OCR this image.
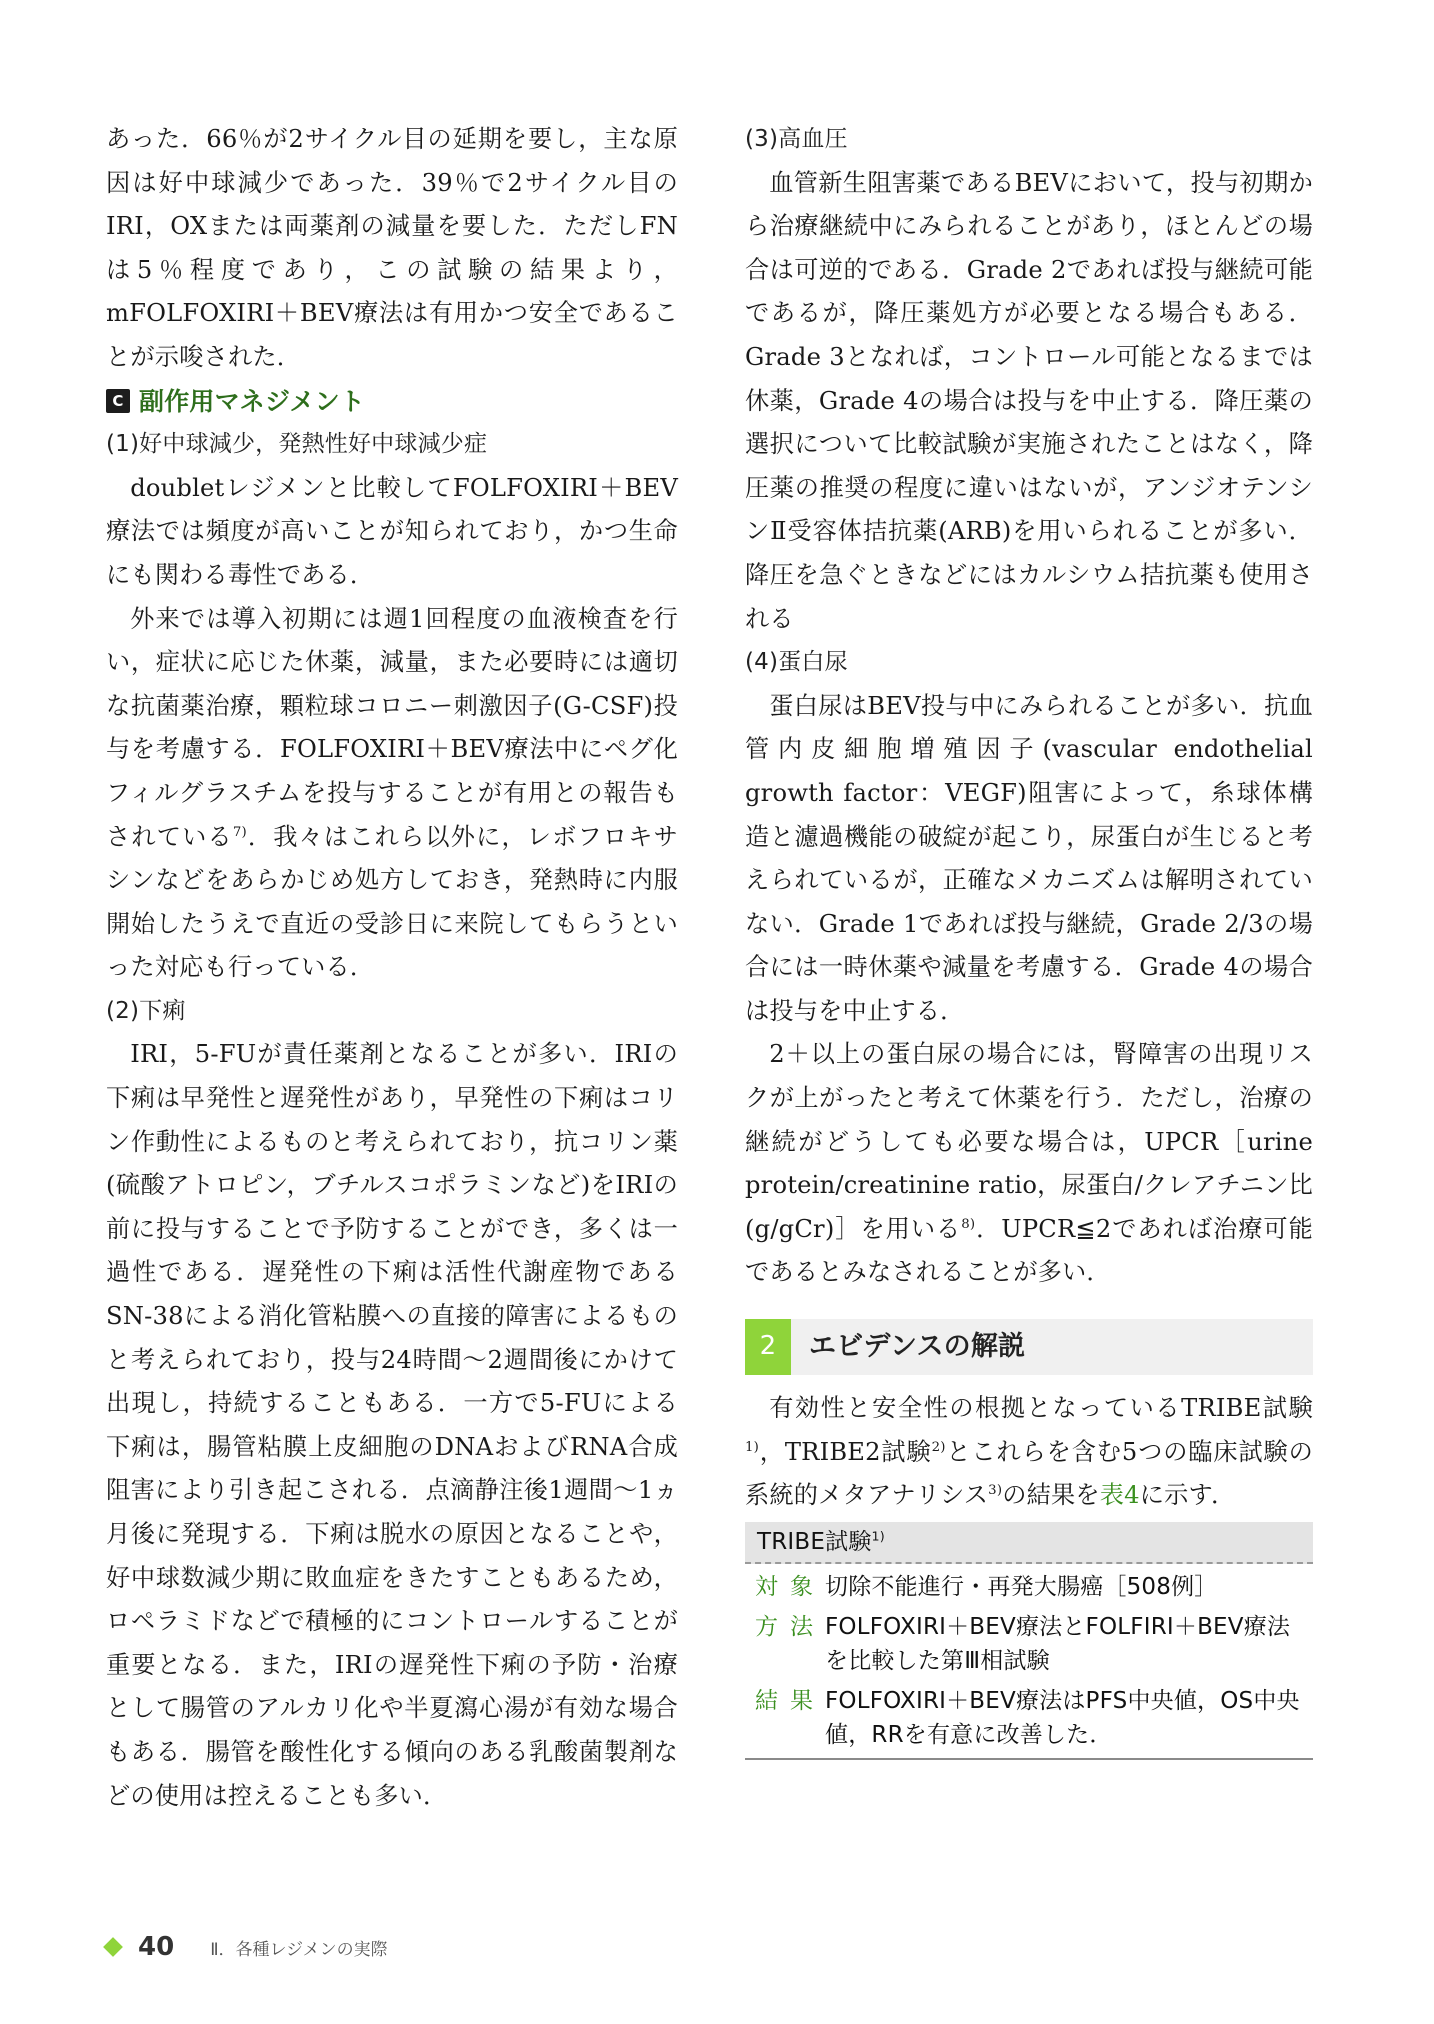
あった．66％が2サイクル目の延期を要し，主な原因は好中球減少であった．39％で2サイクル目のIRI，OXまたは両薬剤の減量を要した．ただしFNは5％程度であり，この試験の結果より，mFOLFOXIRI＋BEV療法は有用かつ安全であることが示唆された．

C 副作用マネジメント
(1)好中球減少，発熱性好中球減少症

doubletレジメンと比較してFOLFOXIRI＋BEV療法では頻度が高いことが知られており，かつ生命にも関わる毒性である．

外来では導入初期には週1回程度の血液検査を行い，症状に応じた休薬，減量，また必要時には適切な抗菌薬治療，顆粒球コロニー刺激因子(G-CSF)投与を考慮する．FOLFOXIRI＋BEV療法中にペグ化フィルグラスチムを投与することが有用との報告もされている$^{7)}$．我々はこれら以外に，レボフロキサシンなどをあらかじめ処方しておき，発熱時に内服開始したうえで直近の受診日に来院してもらうといった対応も行っている．

(2)下痢

IRI，5-FUが責任薬剤となることが多い．IRIの下痢は早発性と遅発性があり，早発性の下痢はコリン作動性によるものと考えられており，抗コリン薬(硫酸アトロピン，ブチルスコポラミンなど)をIRIの前に投与することで予防することができ，多くは一過性である．遅発性の下痢は活性代謝産物であるSN-38による消化管粘膜への直接的障害によるものと考えられており，投与24時間〜2週間後にかけて出現し，持続することもある．一方で5-FUによる下痢は，腸管粘膜上皮細胞のDNAおよびRNA合成阻害により引き起こされる．点滴静注後1週間〜1ヵ月後に発現する．下痢は脱水の原因となることや，好中球数減少期に敗血症をきたすこともあるため，ロペラミドなどで積極的にコントロールすることが重要となる．また，IRIの遅発性下痢の予防・治療として腸管のアルカリ化や半夏瀉心湯が有効な場合もある．腸管を酸性化する傾向のある乳酸菌製剤などの使用は控えることも多い．

(3)高血圧

血管新生阻害薬であるBEVにおいて，投与初期から治療継続中にみられることがあり，ほとんどの場合は可逆的である．Grade 2であれば投与継続可能であるが，降圧薬処方が必要となる場合もある．Grade 3となれば，コントロール可能となるまでは休薬，Grade 4の場合は投与を中止する．降圧薬の選択について比較試験が実施されたことはなく，降圧薬の推奨の程度に違いはないが，アンジオテンシンⅡ受容体拮抗薬(ARB)を用いられることが多い．降圧を急ぐときなどにはカルシウム拮抗薬も使用される

(4)蛋白尿

蛋白尿はBEV投与中にみられることが多い．抗血管内皮細胞増殖因子(vascular endothelial growth factor：VEGF)阻害によって，糸球体構造と濾過機能の破綻が起こり，尿蛋白が生じると考えられているが，正確なメカニズムは解明されていない．Grade 1であれば投与継続，Grade 2/3の場合には一時休薬や減量を考慮する．Grade 4の場合は投与を中止する．

2＋以上の蛋白尿の場合には，腎障害の出現リスクが上がったと考えて休薬を行う．ただし，治療の継続がどうしても必要な場合は，UPCR［urine protein/creatinine ratio，尿蛋白/クレアチニン比(g/gCr)］を用いる$^{8)}$．UPCR≦2であれば治療可能であるとみなされることが多い．

2	エビデンスの解説

有効性と安全性の根拠となっているTRIBE試験$^{1)}$，TRIBE2試験$^{2)}$とこれらを含む5つの臨床試験の系統的メタアナリシス$^{3)}$の結果を表4に示す．

TRIBE試験$^{1)}$
対象 切除不能進行・再発大腸癌［508例］
方法 FOLFOXIRI＋BEV療法とFOLFIRI＋BEV療法を比較した第Ⅲ相試験
結果 FOLFOXIRI＋BEV療法はPFS中央値，OS中央値，RRを有意に改善した．
40 Ⅱ．各種レジメンの実際
